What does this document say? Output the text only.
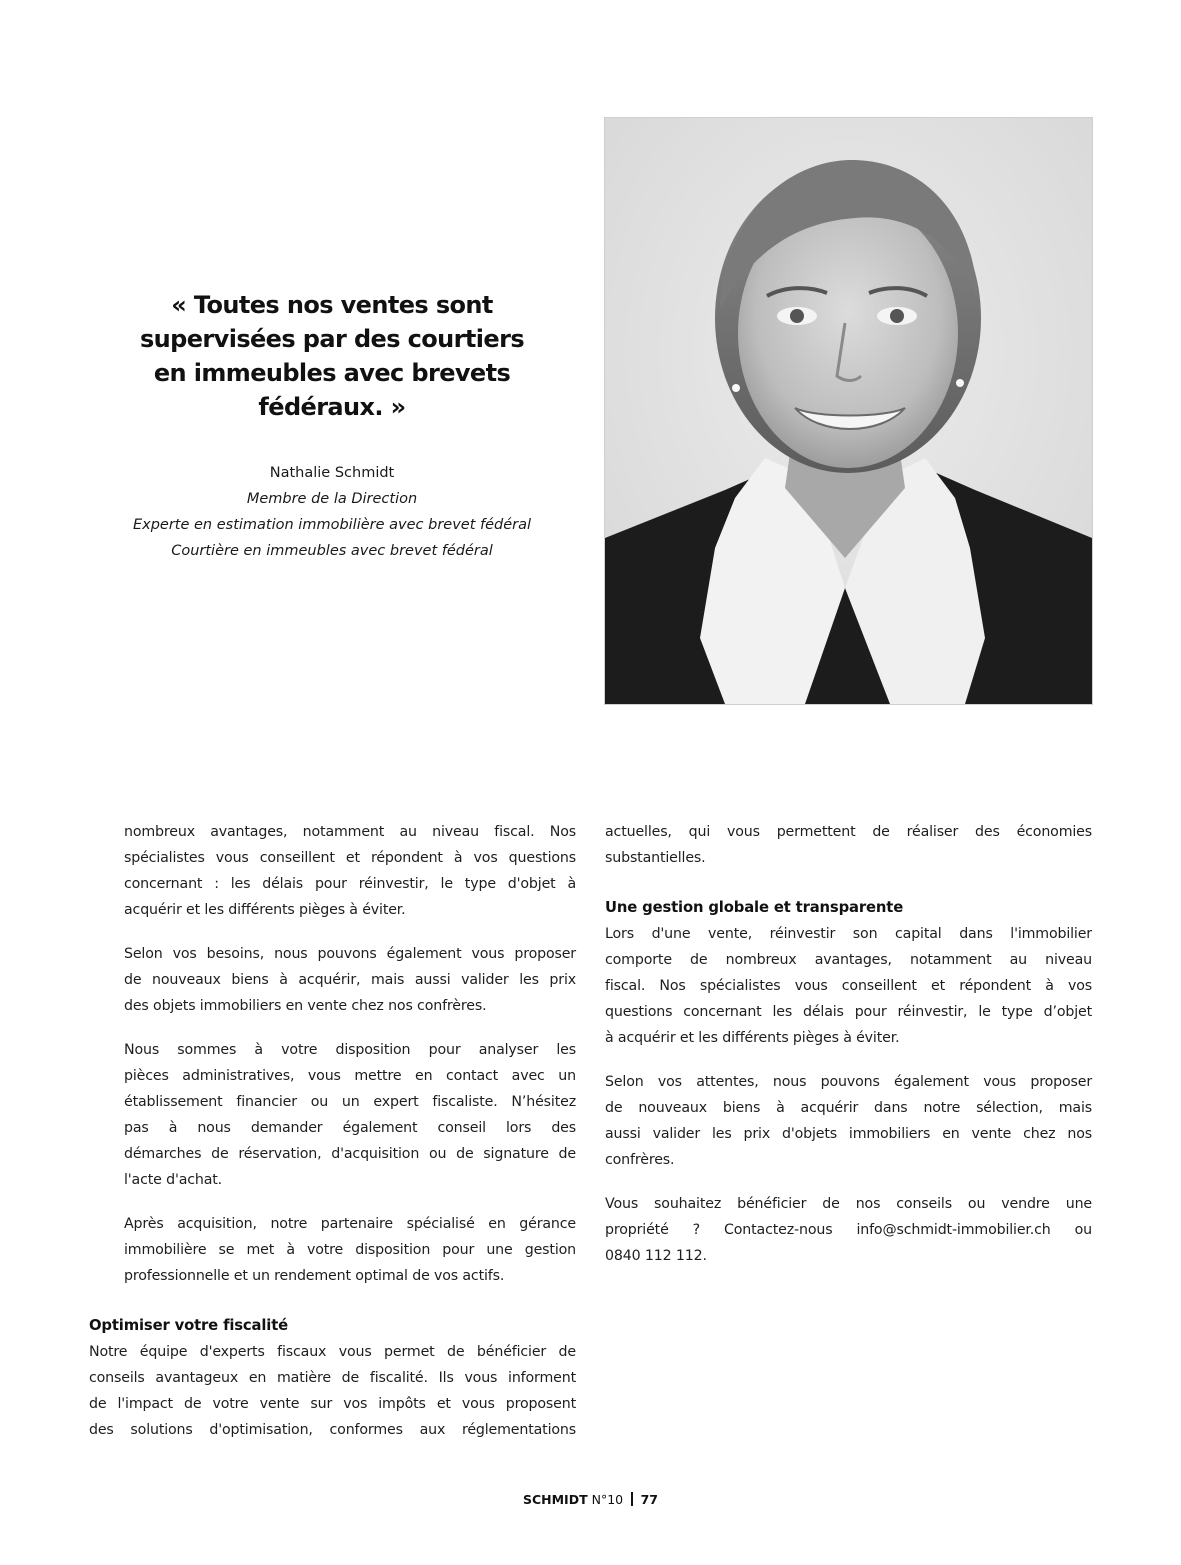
« Toutes nos ventes sont
supervisées par des courtiers
en immeubles avec brevets
fédéraux. »
Nathalie Schmidt
Membre de la Direction
Experte en estimation immobilière avec brevet fédéral
Courtière en immeubles avec brevet fédéral
nombreux avantages, notamment au niveau fiscal. Nos
spécialistes vous conseillent et répondent à vos questions
concernant : les délais pour réinvestir, le type d'objet à
acquérir et les différents pièges à éviter.
Selon vos besoins, nous pouvons également vous proposer
de nouveaux biens à acquérir, mais aussi valider les prix
des objets immobiliers en vente chez nos confrères.
Nous sommes à votre disposition pour analyser les
pièces administratives, vous mettre en contact avec un
établissement financier ou un expert fiscaliste. N’hésitez
pas à nous demander également conseil lors des
démarches de réservation, d'acquisition ou de signature de
l'acte d'achat.
Après acquisition, notre partenaire spécialisé en gérance
immobilière se met à votre disposition pour une gestion
professionnelle et un rendement optimal de vos actifs.
Optimiser votre fiscalité
Notre équipe d'experts fiscaux vous permet de bénéficier de
conseils avantageux en matière de fiscalité. Ils vous informent
de l'impact de votre vente sur vos impôts et vous proposent
des solutions d'optimisation, conformes aux réglementations
actuelles, qui vous permettent de réaliser des économies
substantielles.
Une gestion globale et transparente
Lors d'une vente, réinvestir son capital dans l'immobilier
comporte de nombreux avantages, notamment au niveau
fiscal. Nos spécialistes vous conseillent et répondent à vos
questions concernant les délais pour réinvestir, le type d’objet
à acquérir et les différents pièges à éviter.
Selon vos attentes, nous pouvons également vous proposer
de nouveaux biens à acquérir dans notre sélection, mais
aussi valider les prix d'objets immobiliers en vente chez nos
confrères.
Vous souhaitez bénéficier de nos conseils ou vendre une
propriété ? Contactez-nous info@schmidt-immobilier.ch ou
0840 112 112.
SCHMIDT N°10 77
